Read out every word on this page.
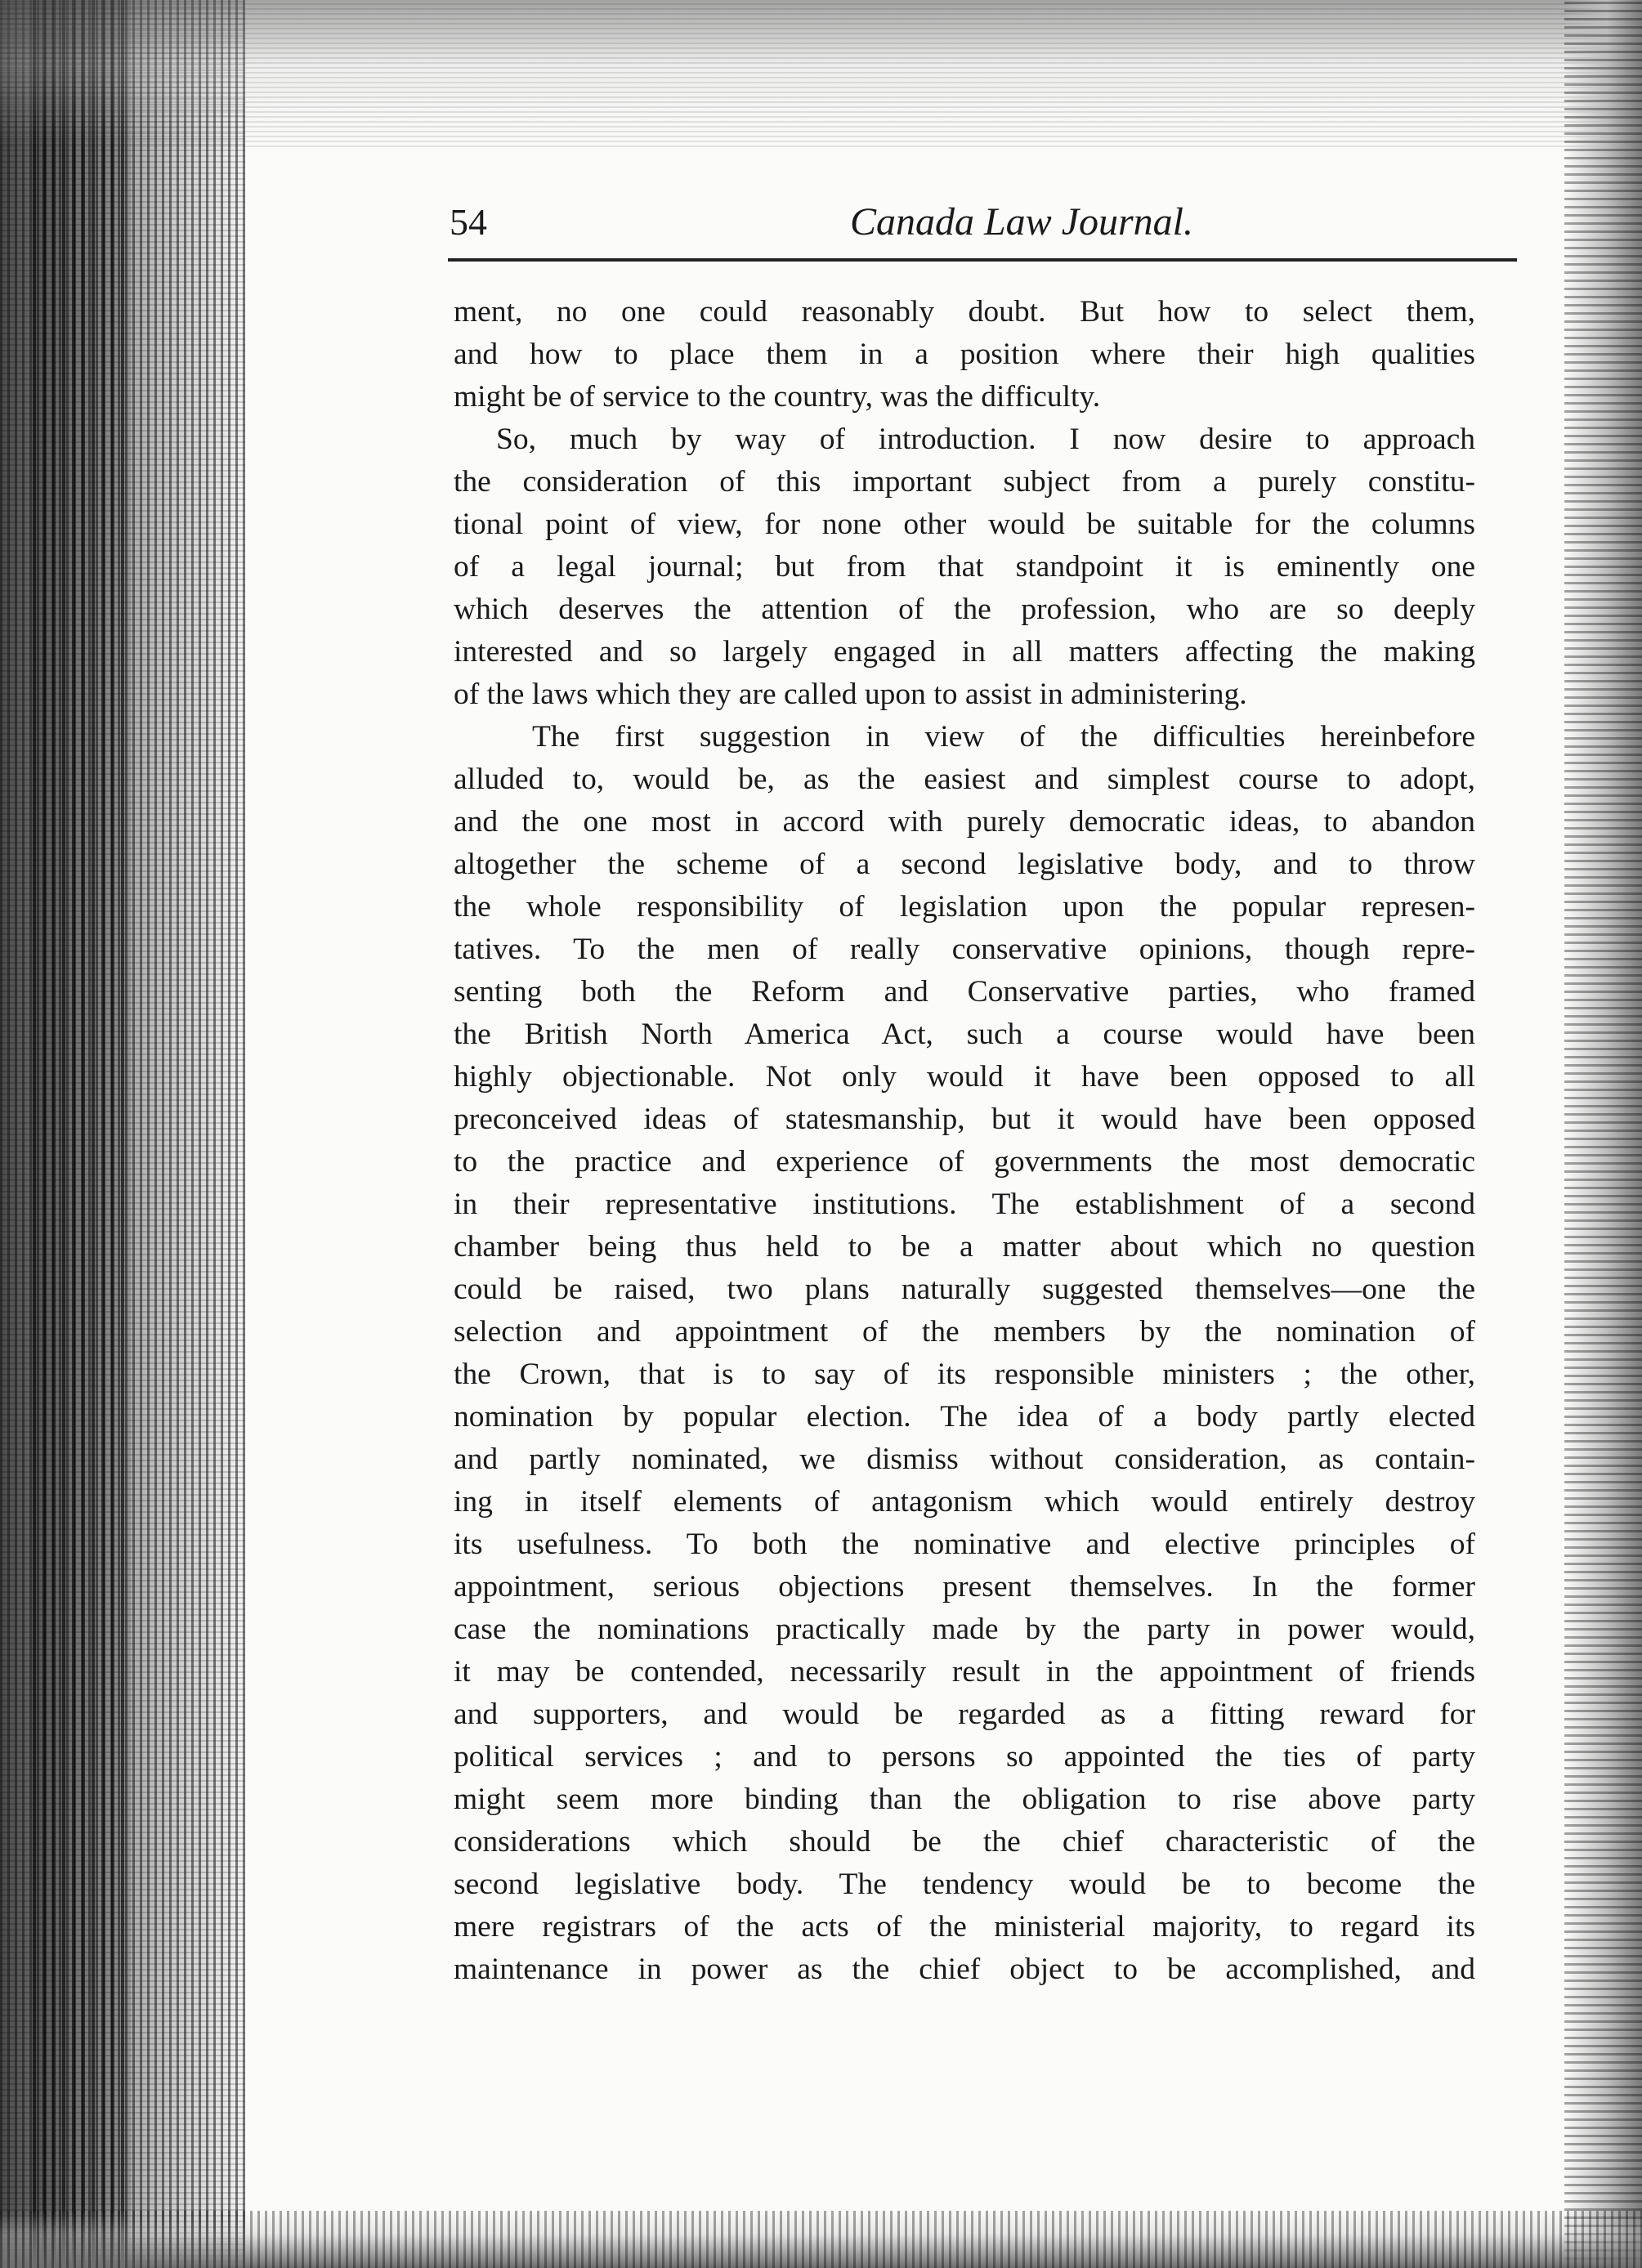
54	Canada Law Journal.
ment, no one could reasonably doubt. But how to select them,
and how to place them in a position where their high qualities
might be of service to the country, was the difficulty.
So, much by way of introduction. I now desire to approach
the consideration of this important subject from a purely constitu-
tional point of view, for none other would be suitable for the columns
of a legal journal; but from that standpoint it is eminently one
which deserves the attention of the profession, who are so deeply
interested and so largely engaged in all matters affecting the making
of the laws which they are called upon to assist in administering.
The first suggestion in view of the difficulties hereinbefore
alluded to, would be, as the easiest and simplest course to adopt,
and the one most in accord with purely democratic ideas, to abandon
altogether the scheme of a second legislative body, and to throw
the whole responsibility of legislation upon the popular represen-
tatives. To the men of really conservative opinions, though repre-
senting both the Reform and Conservative parties, who framed
the British North America Act, such a course would have been
highly objectionable. Not only would it have been opposed to all
preconceived ideas of statesmanship, but it would have been opposed
to the practice and experience of governments the most democratic
in their representative institutions. The establishment of a second
chamber being thus held to be a matter about which no question
could be raised, two plans naturally suggested themselves—one the
selection and appointment of the members by the nomination of
the Crown, that is to say of its responsible ministers ; the other,
nomination by popular election. The idea of a body partly elected
and partly nominated, we dismiss without consideration, as contain-
ing in itself elements of antagonism which would entirely destroy
its usefulness. To both the nominative and elective principles of
appointment, serious objections present themselves. In the former
case the nominations practically made by the party in power would,
it may be contended, necessarily result in the appointment of friends
and supporters, and would be regarded as a fitting reward for
political services ; and to persons so appointed the ties of party
might seem more binding than the obligation to rise above party
considerations which should be the chief characteristic of the
second legislative body. The tendency would be to become the
mere registrars of the acts of the ministerial majority, to regard its
maintenance in power as the chief object to be accomplished, and
